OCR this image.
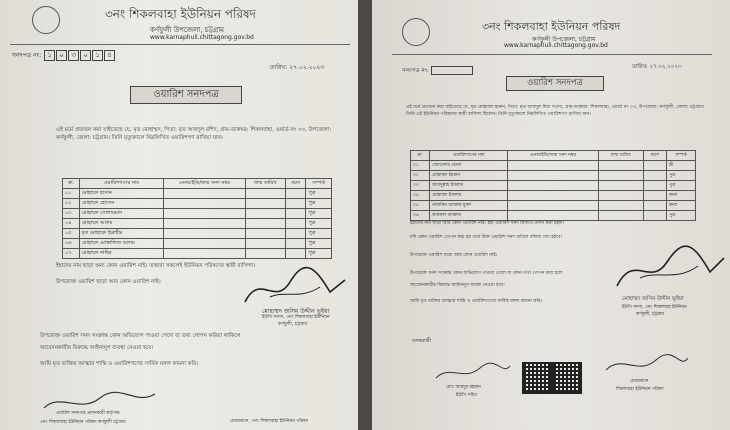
৩নং শিকলবাহা ইউনিয়ন পরিষদ
কর্ণফুলী উপজেলা, চট্টগ্রাম
www.karnaphuli.chittagong.gov.bd
সনদপত্র নং: ১ ০ ৩ ০ ১ ৪
তারিখ: ২৭.০২.২০২৩
ওয়ারিশ সনদপত্র
এই মর্মে প্রত্যয়ন করা যাইতেছে যে, মৃত মোহাম্মদ, পিতা: মৃত আবদুল রশিদ, গ্রাম-ডাকঘর: শিকলবাহা, ওয়ার্ড নং ০৩, উপজেলা: কর্ণফুলী, জেলা: চট্টগ্রাম। তিনি মৃত্যুকালে নিম্নলিখিত ওয়ারিশগণ রাখিয়া যান।
ক্র:	ওয়ারিশগণের নাম	এনআইডি/জন্ম সনদ নম্বর	জন্ম তারিখ	বয়স	সম্পর্ক
০১	মোহাম্মদ হাসান				পুত্র
০২	মোহাম্মদ হোসেন				পুত্র
০৩	মোহাম্মদ সোলায়মান				পুত্র
০৪	মোহাম্মদ আলম				পুত্র
০৫	মৃত মোহাম্মদ ইব্রাহীম				পুত্র
০৬	মোহাম্মদ মোস্তাফিজ আলম				পুত্র
০৭	মোহাম্মদ নাছির				পুত্র
ইহাদের নাম ছাড়া অন্য কোন ওয়ারিশ নাই। তাহারা সকলেই ইউনিয়ন পরিষদের স্থায়ী বাসিন্দা।
উপরোক্ত ওয়ারিশ ছাড়া আর কোন ওয়ারিশ নাই।
মোহাম্মদ জসিম উদ্দীন ভূইয়া
ইউপি সদস্য, ৩নং শিকলবাহা ইউনিয়ন
কর্ণফুলী, চট্টগ্রাম
উপরোক্ত ওয়ারিশ সনদ সংক্রান্ত কোন অভিযোগ পাওয়া গেলে বা তথ্য গোপন করিয়া থাকিলে
আবেদনকারীর বিরুদ্ধে আইনানুগ ব্যবস্থা নেওয়া হবে।
আমি মৃত ব্যক্তির আত্মার শান্তি ও ওয়ারিশগণের সার্বিক মঙ্গল কামনা করি।
ওয়ারিশ সনদপত্র প্রদানকারী কর্তৃপক্ষ
৩নং শিকলবাহা ইউনিয়ন পরিষদ কর্ণফুলী চট্টগ্রাম	চেয়ারম্যান, ৩নং শিকলবাহা ইউনিয়ন পরিষদ
৩নং শিকলবাহা ইউনিয়ন পরিষদ
কর্ণফুলী উপজেলা, চট্টগ্রাম
www.karnaphuli.chittagong.gov.bd
সনদপত্র নং:
তারিখ: ২৭.০২.২০২৩
ওয়ারিশ সনদপত্র
এই মর্মে প্রত্যয়ন করা যাইতেছে যে, মৃত মোহাম্মদ হারুন, পিতা: মৃত আবদুল মিয়া সওদা, গ্রাম-ডাকঘর: শিকলবাহা, ওয়ার্ড নং ০৩, উপজেলা: কর্ণফুলী, জেলা: চট্টগ্রাম। তিনি এই ইউনিয়ন পরিষদের স্থায়ী বাসিন্দা ছিলেন। তিনি মৃত্যুকালে নিম্নলিখিত ওয়ারিশগণ রাখিয়া যান।
ক্র:	ওয়ারিশগণের নাম	এনআইডি/জন্ম সনদ নম্বর	জন্ম তারিখ	বয়স	সম্পর্ক
০১	জোবেদার বেগম				স্ত্রী
০২	মোহাম্মদ ইমরান				পুত্র
০৩	আবদুল্লাহ ইসলাম				পুত্র
০৪	মোহাম্মদ ইসলাম				কন্যা
০৫	নাজমিন আক্তার মুক্তা				কন্যা
০৬	কামরুল আক্তার				পুত্র
ইহাদের নাম ছাড়া আর কোন ওয়ারিশ নাই। ইহা ওয়ারিশ সনদ হিসাবে প্রদান করা হইল।
যদি কোন ওয়ারিশ গোপন করা হয় তবে উক্ত ওয়ারিশ সনদ বাতিল বলিয়া গণ্য হইবে।
উপরোক্ত ওয়ারিশ ছাড়া আর কোন ওয়ারিশ নাই।
উপরোক্ত সনদ সংক্রান্ত কোন অভিযোগ পাওয়া গেলে বা কোন তথ্য গোপন করা হলে
আবেদনকারীর বিরুদ্ধে আইনানুগ ব্যবস্থা নেওয়া হবে।
আমি মৃত ব্যক্তির আত্মার শান্তি ও ওয়ারিশগণের সার্বিক মঙ্গল কামনা করি।	মোহাম্মদ জসিম উদ্দীন ভূইয়া
ইউপি সদস্য, ৩নং শিকলবাহা ইউনিয়ন
কর্ণফুলী, চট্টগ্রাম
তদন্তকারী
মোঃ আবদুর রহমান
ইউপি সচিব
চেয়ারম্যান
শিকলবাহা ইউনিয়ন পরিষদ
